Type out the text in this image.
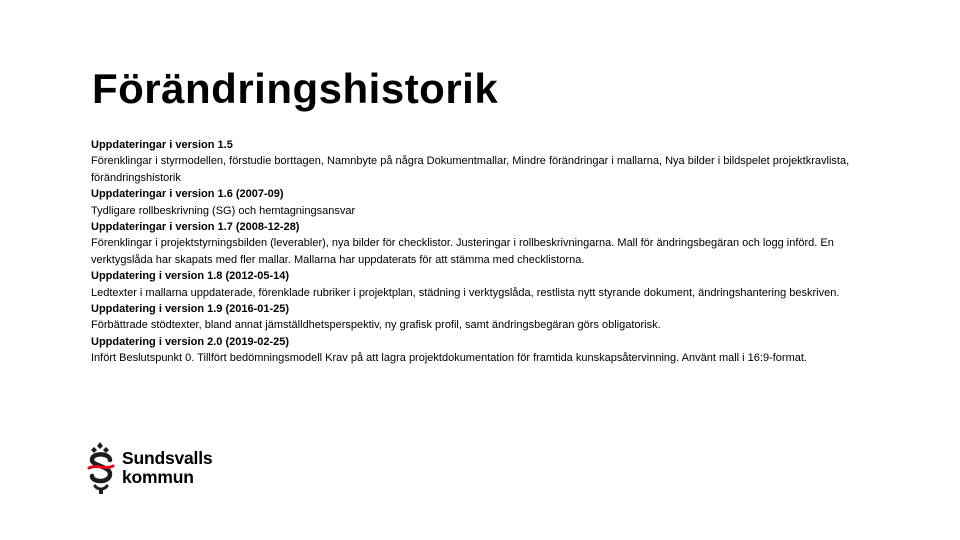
Förändringshistorik
Uppdateringar i version 1.5
Förenklingar i styrmodellen, förstudie borttagen, Namnbyte på några Dokumentmallar, Mindre förändringar i mallarna, Nya bilder i bildspelet projektkravlista, förändringshistorik
Uppdateringar i version 1.6 (2007-09)
Tydligare rollbeskrivning (SG) och hemtagningsansvar
Uppdateringar i version 1.7 (2008-12-28)
Förenklingar i projektstyrningsbilden (leverabler), nya bilder för checklistor. Justeringar i rollbeskrivningarna. Mall för ändringsbegäran och logg införd. En verktygslåda har skapats med fler mallar. Mallarna har uppdaterats för att stämma med checklistorna.
Uppdatering i version 1.8 (2012-05-14)
Ledtexter i mallarna uppdaterade, förenklade rubriker i projektplan, städning i verktygslåda, restlista nytt styrande dokument, ändringshantering beskriven.
Uppdatering i version 1.9 (2016-01-25)
Förbättrade stödtexter, bland annat jämställdhetsperspektiv, ny grafisk profil, samt ändringsbegäran görs obligatorisk.
Uppdatering i version 2.0 (2019-02-25)
Infört Beslutspunkt 0. Tillfört bedömningsmodell Krav på att lagra projektdokumentation för framtida kunskapsåtervinning. Använt mall i 16:9-format.
Sundsvalls
kommun
